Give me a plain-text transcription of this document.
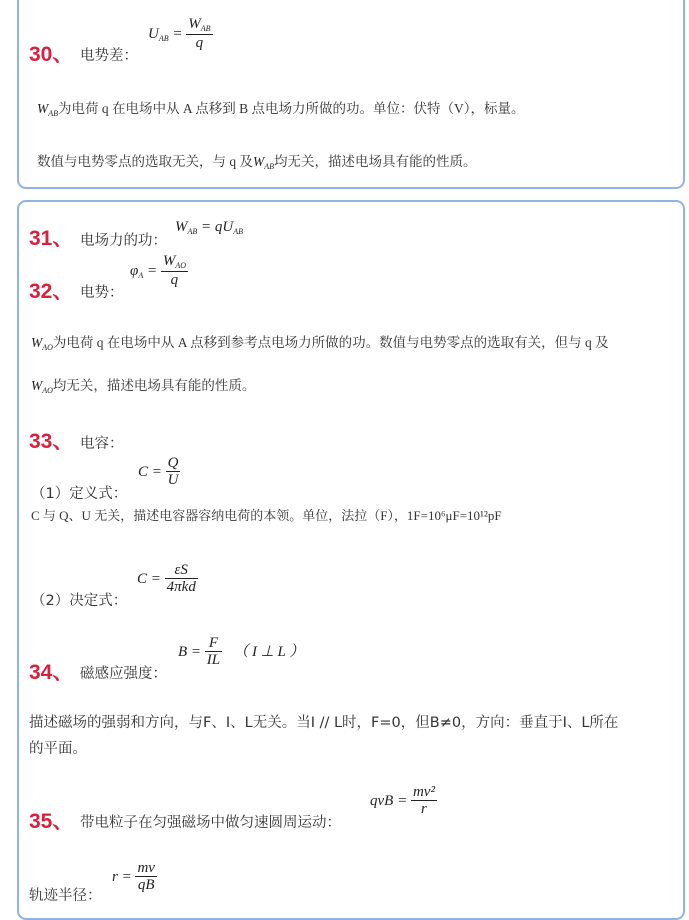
30、 电势差：
$U_{AB} = \frac{W_{AB}}{q}$
$W_{AB}$为电荷 q 在电场中从 A 点移到 B 点电场力所做的功。单位：伏特（V），标量。
数值与电势零点的选取无关，与 q 及$W_{AB}$均无关，描述电场具有能的性质。
31、 电场力的功：
$W_{AB} = qU_{AB}$
32、 电势：
$\varphi_A = \frac{W_{AO}}{q}$
$W_{AO}$为电荷 q 在电场中从 A 点移到参考点电场力所做的功。数值与电势零点的选取有关，但与 q 及
$W_{AO}$均无关，描述电场具有能的性质。
33、 电容：
（1）定义式：
$C = \frac{Q}{U}$
C 与 Q、U 无关，描述电容器容纳电荷的本领。单位，法拉（F），1F=10⁶μF=10¹²pF
（2）决定式：
$C = \frac{\varepsilon S}{\text{4πkd}}$
34、 磁感应强度：
$B = \frac{F}{IL}$ （ I ⊥ L ）
描述磁场的强弱和方向，与F、I、L无关。当I // L时，F=0，但B≠0，方向：垂直于I、L所在
的平面。
35、 带电粒子在匀强磁场中做匀速圆周运动：
qvB = $\frac{\text{mv²}}{r}$
轨迹半径：
$r = \frac{mv}{qB}$
